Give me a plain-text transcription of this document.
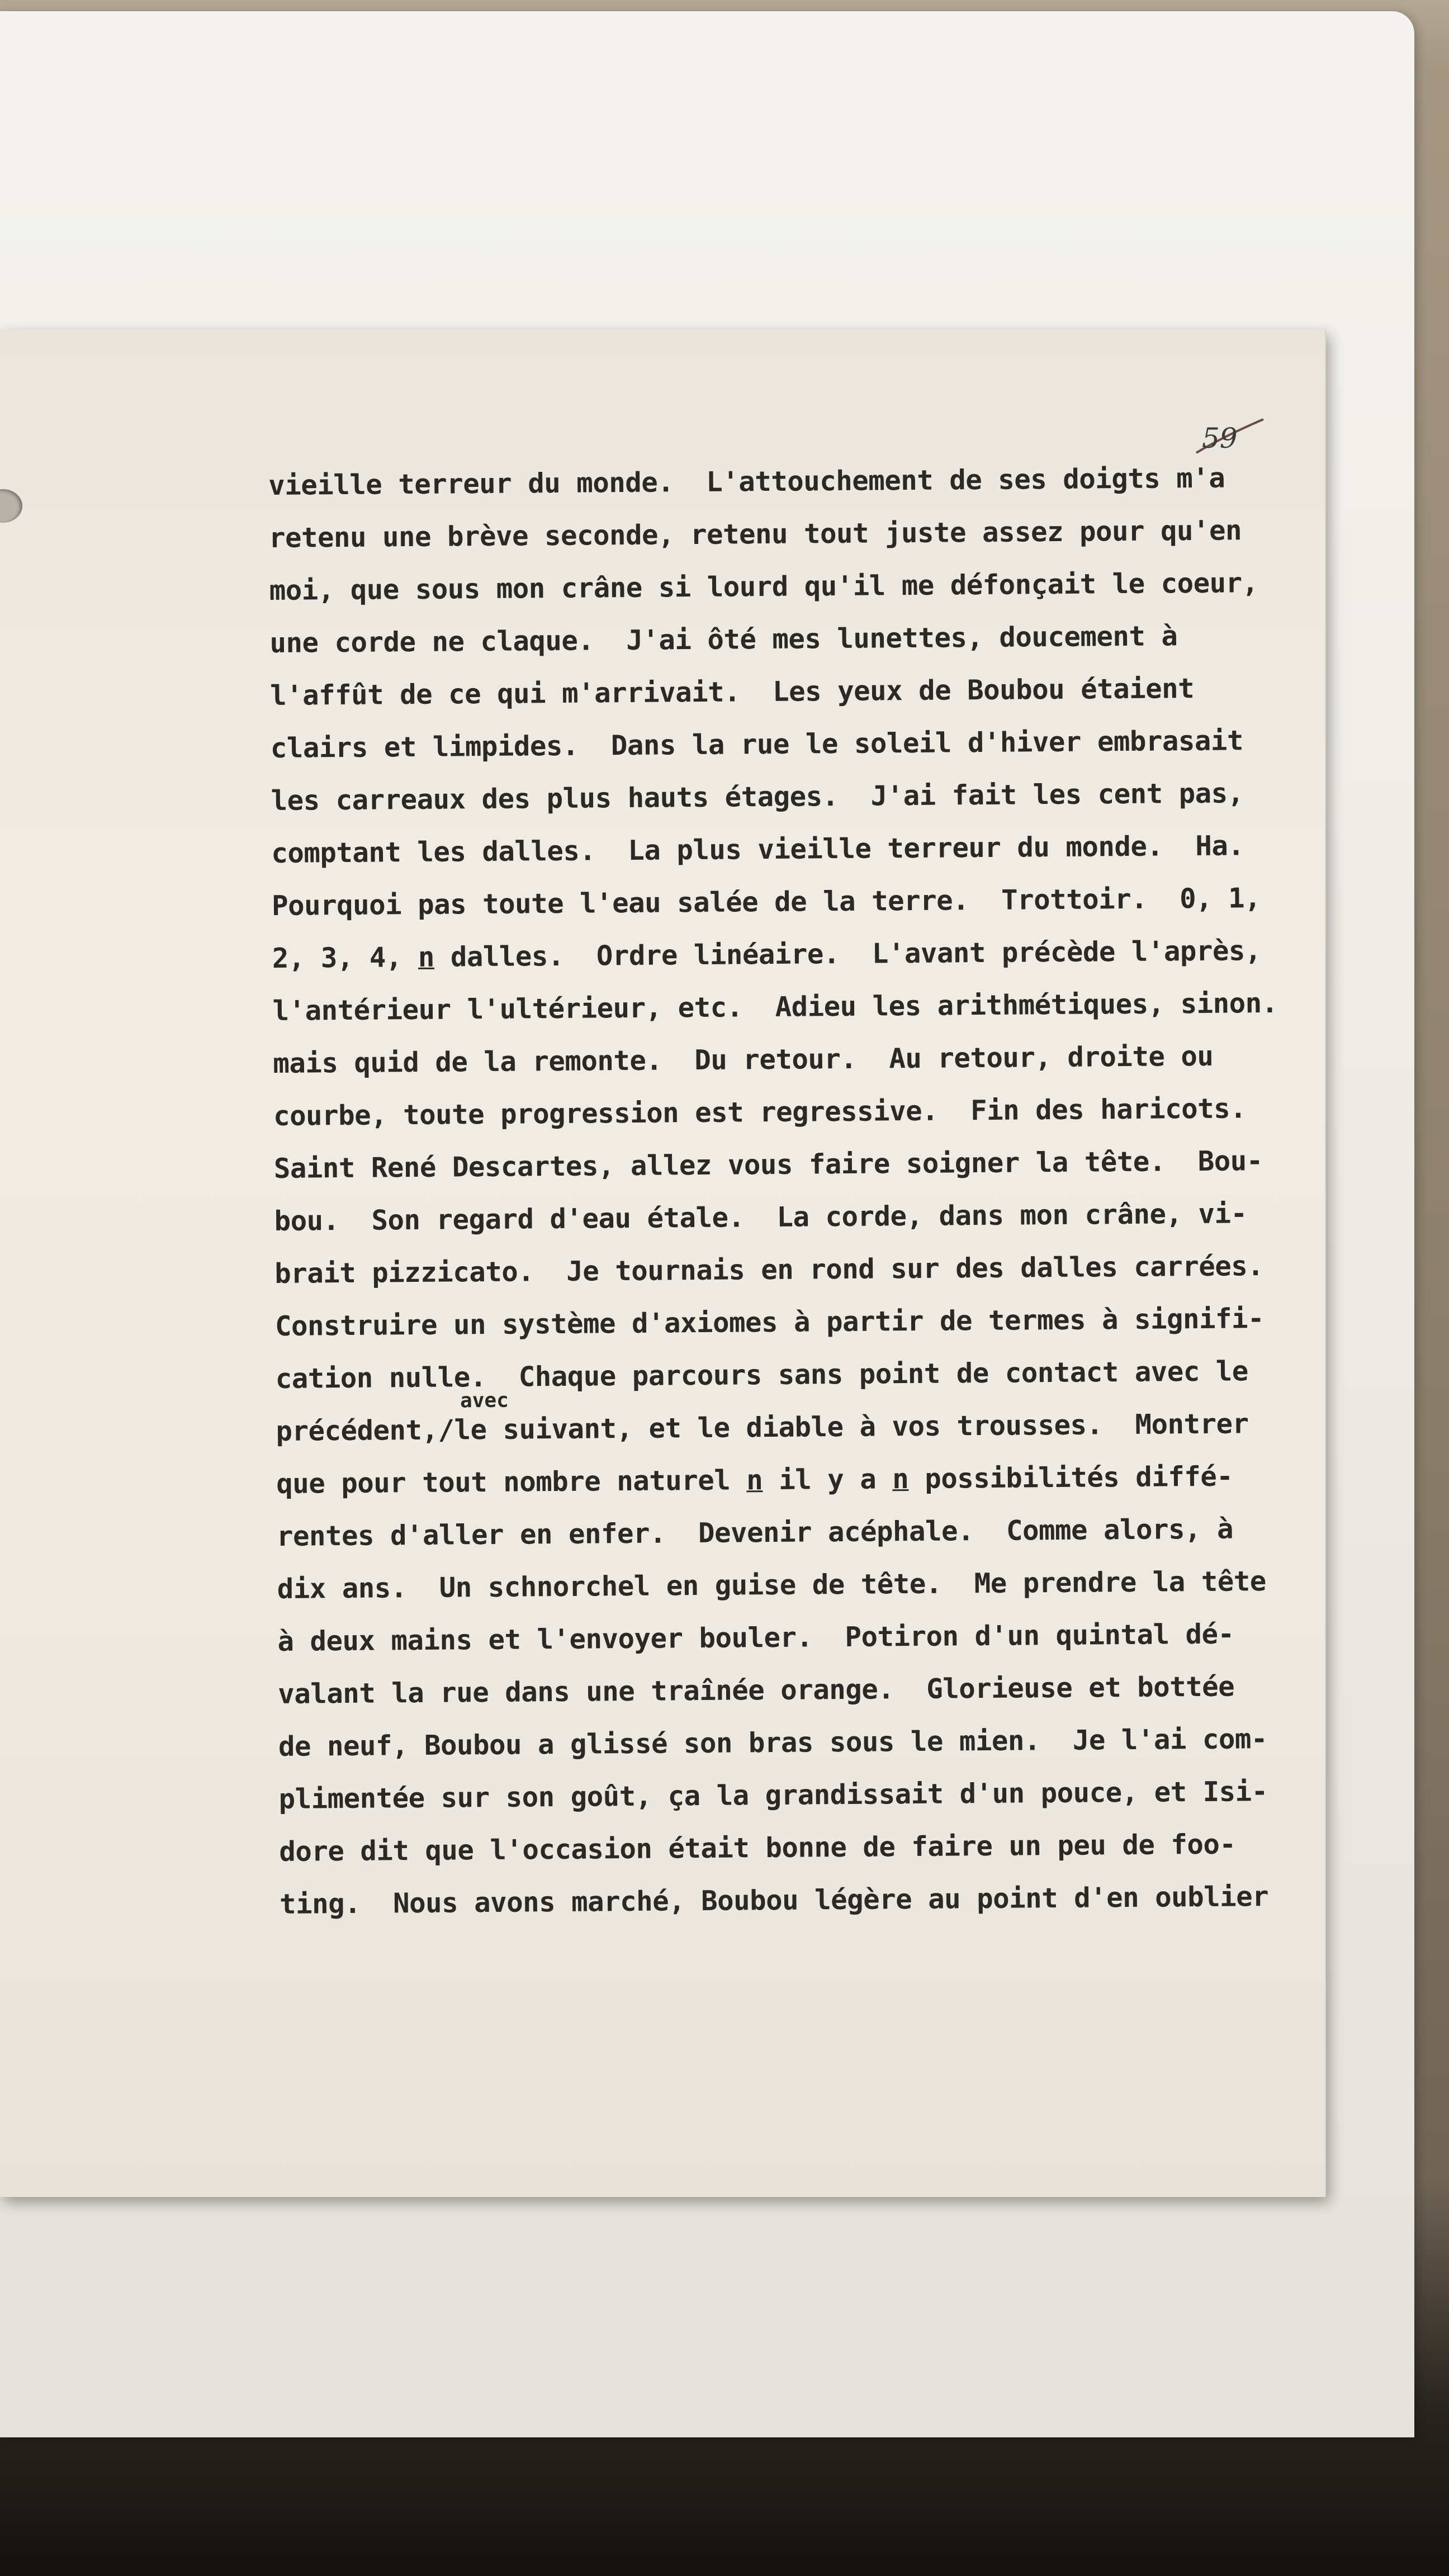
59
vieille terreur du monde.  L'attouchement de ses doigts m'a
retenu une brève seconde, retenu tout juste assez pour qu'en
moi, que sous mon crâne si lourd qu'il me défonçait le coeur,
une corde ne claque.  J'ai ôté mes lunettes, doucement à
l'affût de ce qui m'arrivait.  Les yeux de Boubou étaient
clairs et limpides.  Dans la rue le soleil d'hiver embrasait
les carreaux des plus hauts étages.  J'ai fait les cent pas,
comptant les dalles.  La plus vieille terreur du monde.  Ha.
Pourquoi pas toute l'eau salée de la terre.  Trottoir.  0, 1,
2, 3, 4, n dalles.  Ordre linéaire.  L'avant précède l'après,
l'antérieur l'ultérieur, etc.  Adieu les arithmétiques, sinon.
mais quid de la remonte.  Du retour.  Au retour, droite ou
courbe, toute progression est regressive.  Fin des haricots.
Saint René Descartes, allez vous faire soigner la tête.  Bou-
bou.  Son regard d'eau étale.  La corde, dans mon crâne, vi-
brait pizzicato.  Je tournais en rond sur des dalles carrées.
Construire un système d'axiomes à partir de termes à signifi-
cation nulle.  Chaque parcours sans point de contact avec le
avec
précédent,/le suivant, et le diable à vos trousses.  Montrer
que pour tout nombre naturel n il y a n possibilités diffé-
rentes d'aller en enfer.  Devenir acéphale.  Comme alors, à
dix ans.  Un schnorchel en guise de tête.  Me prendre la tête
à deux mains et l'envoyer bouler.  Potiron d'un quintal dé-
valant la rue dans une traînée orange.  Glorieuse et bottée
de neuf, Boubou a glissé son bras sous le mien.  Je l'ai com-
plimentée sur son goût, ça la grandissait d'un pouce, et Isi-
dore dit que l'occasion était bonne de faire un peu de foo-
ting.  Nous avons marché, Boubou légère au point d'en oublier
